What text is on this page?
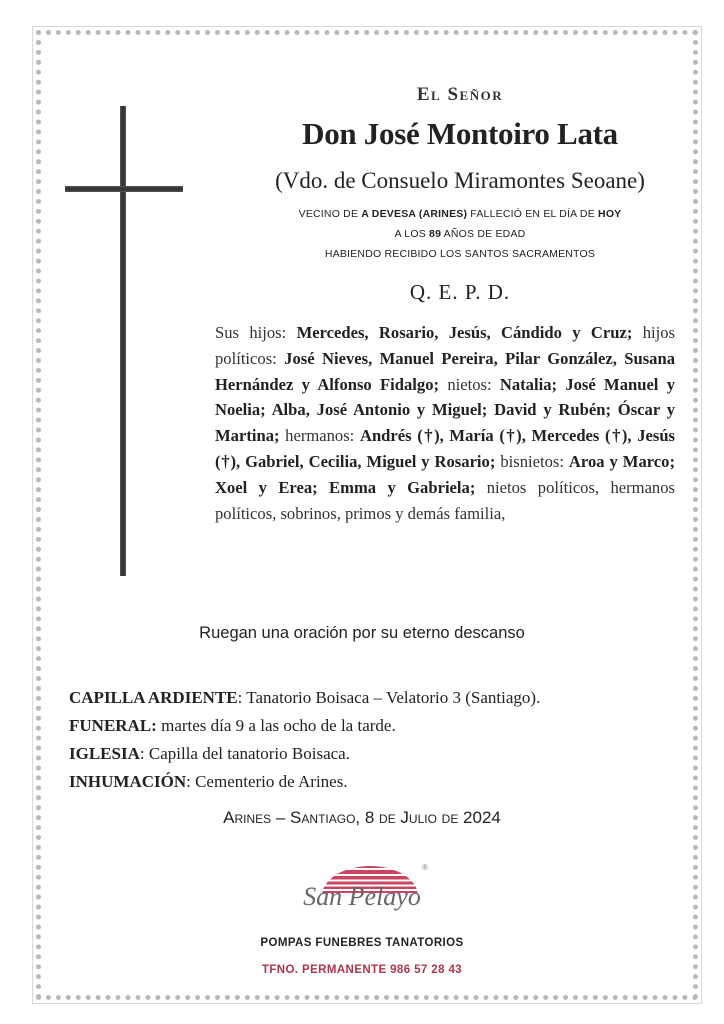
El Señor
Don José Montoiro Lata
(Vdo. de Consuelo Miramontes Seoane)
VECINO DE A DEVESA (ARINES) FALLECIÓ EN EL DÍA DE HOY
A LOS 89 AÑOS DE EDAD
HABIENDO RECIBIDO LOS SANTOS SACRAMENTOS
Q. E. P. D.
Sus hijos: Mercedes, Rosario, Jesús, Cándido y Cruz; hijos políticos: José Nieves, Manuel Pereira, Pilar González, Susana Hernández y Alfonso Fidalgo; nietos: Natalia; José Manuel y Noelia; Alba, José Antonio y Miguel; David y Rubén; Óscar y Martina; hermanos: Andrés (†), María (†), Mercedes (†), Jesús (†), Gabriel, Cecilia, Miguel y Rosario; bisnietos: Aroa y Marco; Xoel y Erea; Emma y Gabriela; nietos políticos, hermanos políticos, sobrinos, primos y demás familia,
Ruegan una oración por su eterno descanso
CAPILLA ARDIENTE: Tanatorio Boisaca – Velatorio 3 (Santiago).
FUNERAL: martes día 9 a las ocho de la tarde.
IGLESIA: Capilla del tanatorio Boisaca.
INHUMACIÓN: Cementerio de Arines.
Arines – Santiago, 8 de Julio de 2024
®
San Pelayo
POMPAS FUNEBRES TANATORIOS
TFNO. PERMANENTE 986 57 28 43
